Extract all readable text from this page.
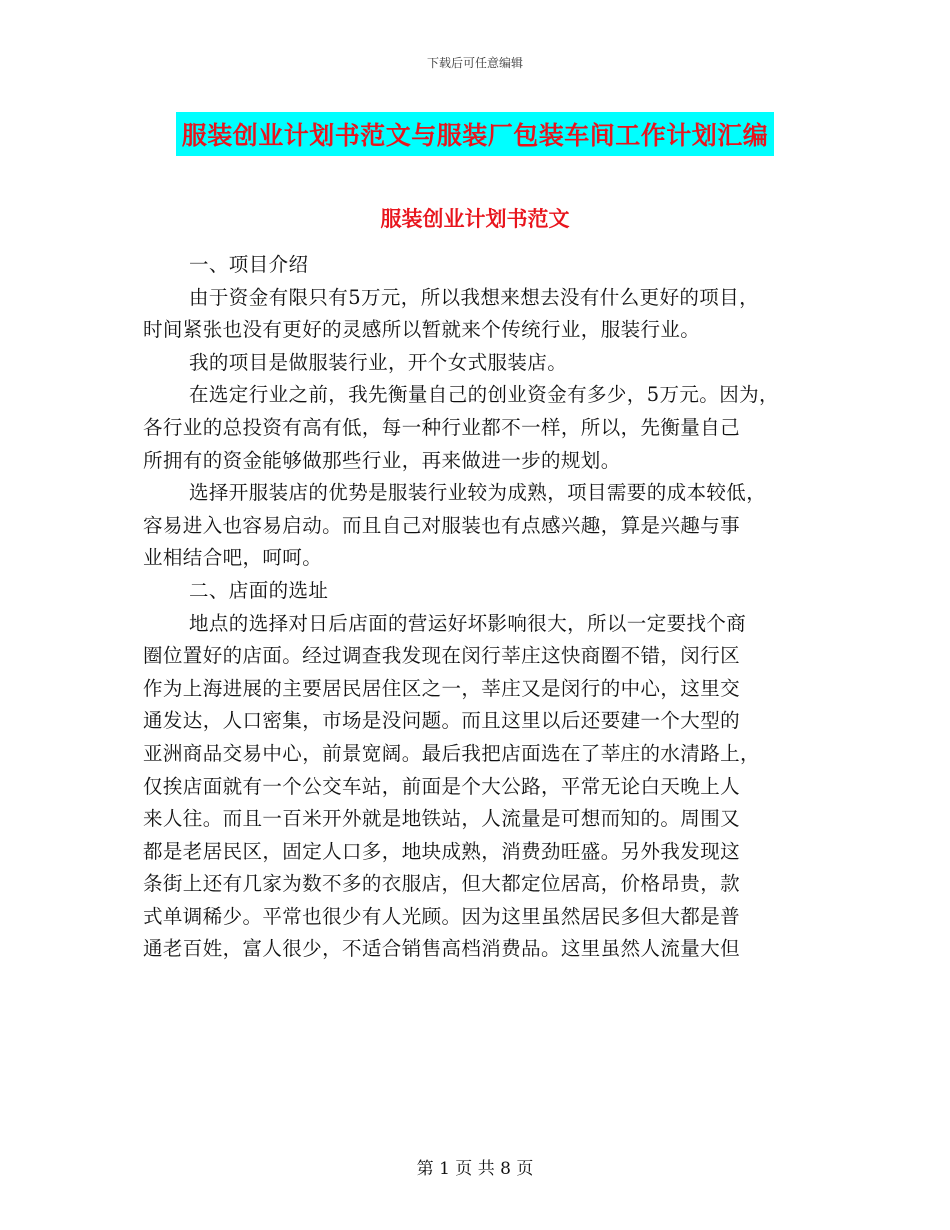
下载后可任意编辑
服装创业计划书范文与服装厂包装车间工作计划汇编
服装创业计划书范文
一、项目介绍
由于资金有限只有5万元，所以我想来想去没有什么更好的项目，
时间紧张也没有更好的灵感所以暂就来个传统行业，服装行业。
我的项目是做服装行业，开个女式服装店。
在选定行业之前，我先衡量自己的创业资金有多少，5万元。因为，
各行业的总投资有高有低，每一种行业都不一样，所以，先衡量自己
所拥有的资金能够做那些行业，再来做进一步的规划。
选择开服装店的优势是服装行业较为成熟，项目需要的成本较低，
容易进入也容易启动。而且自己对服装也有点感兴趣，算是兴趣与事
业相结合吧，呵呵。
二、店面的选址
地点的选择对日后店面的营运好坏影响很大，所以一定要找个商
圈位置好的店面。经过调查我发现在闵行莘庄这快商圈不错，闵行区
作为上海进展的主要居民居住区之一，莘庄又是闵行的中心，这里交
通发达，人口密集，市场是没问题。而且这里以后还要建一个大型的
亚洲商品交易中心，前景宽阔。最后我把店面选在了莘庄的水清路上，
仅挨店面就有一个公交车站，前面是个大公路，平常无论白天晚上人
来人往。而且一百米开外就是地铁站，人流量是可想而知的。周围又
都是老居民区，固定人口多，地块成熟，消费劲旺盛。另外我发现这
条街上还有几家为数不多的衣服店，但大都定位居高，价格昂贵，款
式单调稀少。平常也很少有人光顾。因为这里虽然居民多但大都是普
通老百姓，富人很少，不适合销售高档消费品。这里虽然人流量大但
第 1 页 共 8 页
